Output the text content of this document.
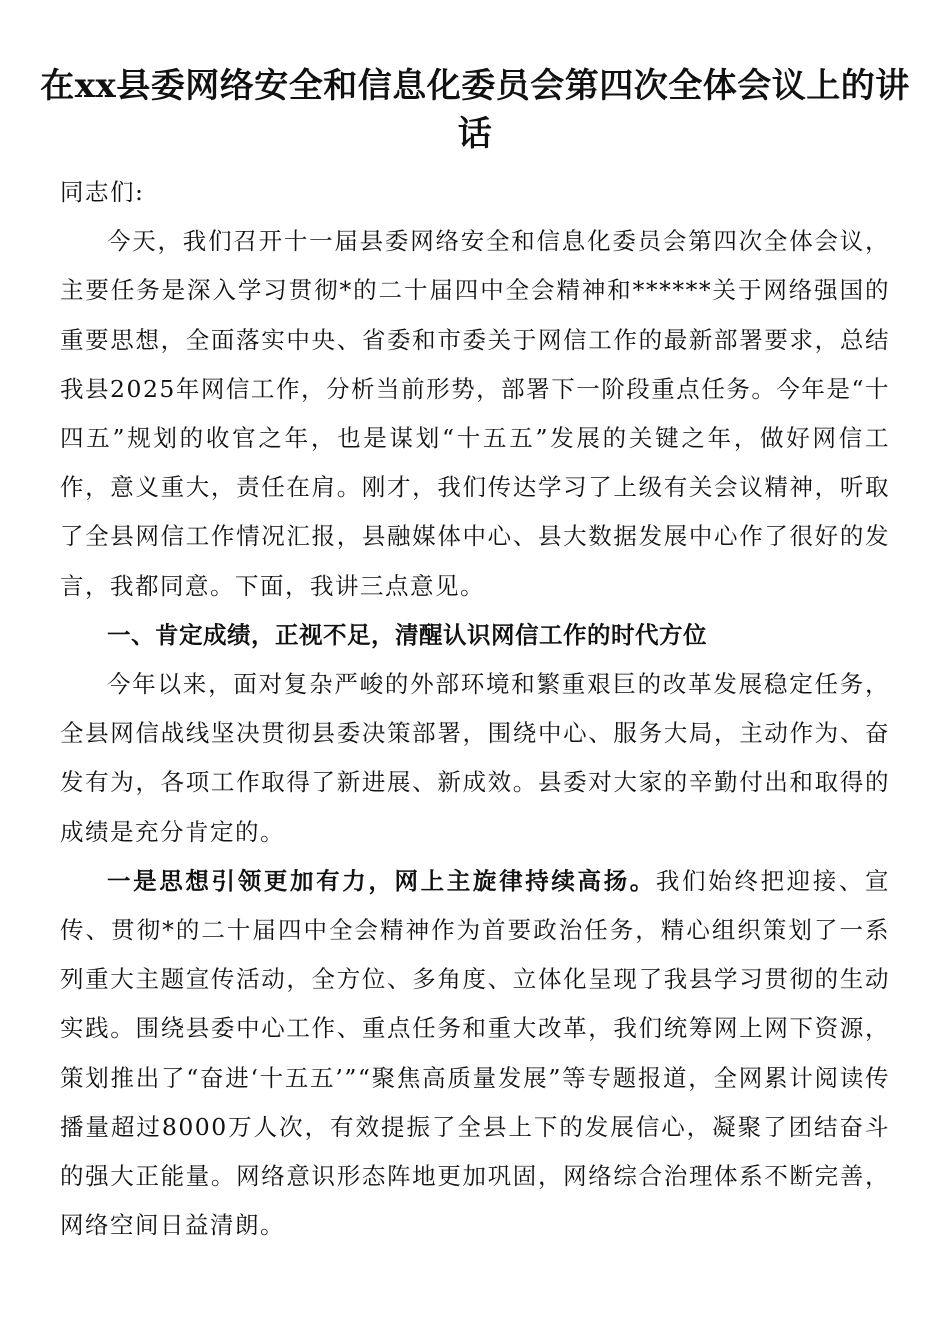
在xx县委网络安全和信息化委员会第四次全体会议上的讲话

同志们:

今天，我们召开十一届县委网络安全和信息化委员会第四次全体会议，主要任务是深入学习贯彻*的二十届四中全会精神和******关于网络强国的重要思想，全面落实中央、省委和市委关于网信工作的最新部署要求，总结我县2025年网信工作，分析当前形势，部署下一阶段重点任务。今年是“十四五”规划的收官之年，也是谋划“十五五”发展的关键之年，做好网信工作，意义重大，责任在肩。刚才，我们传达学习了上级有关会议精神，听取了全县网信工作情况汇报，县融媒体中心、县大数据发展中心作了很好的发言，我都同意。下面，我讲三点意见。

一、肯定成绩，正视不足，清醒认识网信工作的时代方位

今年以来，面对复杂严峻的外部环境和繁重艰巨的改革发展稳定任务，全县网信战线坚决贯彻县委决策部署，围绕中心、服务大局，主动作为、奋发有为，各项工作取得了新进展、新成效。县委对大家的辛勤付出和取得的成绩是充分肯定的。

一是思想引领更加有力，网上主旋律持续高扬。我们始终把迎接、宣传、贯彻*的二十届四中全会精神作为首要政治任务，精心组织策划了一系列重大主题宣传活动，全方位、多角度、立体化呈现了我县学习贯彻的生动实践。围绕县委中心工作、重点任务和重大改革，我们统筹网上网下资源，策划推出了“奋进‘十五五’”“聚焦高质量发展”等专题报道，全网累计阅读传播量超过8000万人次，有效提振了全县上下的发展信心，凝聚了团结奋斗的强大正能量。网络意识形态阵地更加巩固，网络综合治理体系不断完善，网络空间日益清朗。
